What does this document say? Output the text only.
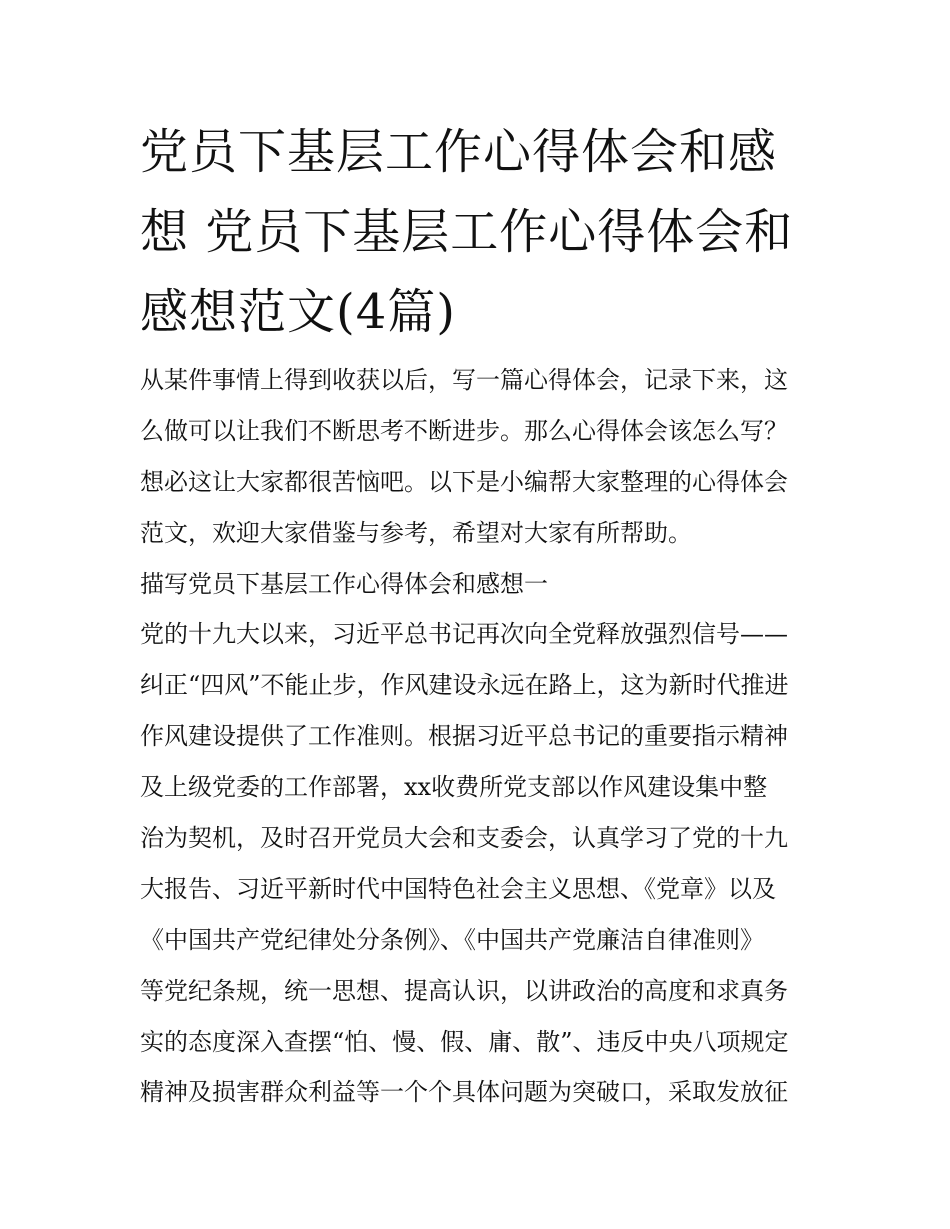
党员下基层工作心得体会和感
想 党员下基层工作心得体会和
感想范文(4篇)
从某件事情上得到收获以后，写一篇心得体会，记录下来，这
么做可以让我们不断思考不断进步。那么心得体会该怎么写？
想必这让大家都很苦恼吧。以下是小编帮大家整理的心得体会
范文，欢迎大家借鉴与参考，希望对大家有所帮助。
描写党员下基层工作心得体会和感想一
党的十九大以来，习近平总书记再次向全党释放强烈信号——
纠正“四风”不能止步，作风建设永远在路上，这为新时代推进
作风建设提供了工作准则。根据习近平总书记的重要指示精神
及上级党委的工作部署，xx收费所党支部以作风建设集中整
治为契机，及时召开党员大会和支委会，认真学习了党的十九
大报告、习近平新时代中国特色社会主义思想、《党章》以及
《中国共产党纪律处分条例》、《中国共产党廉洁自律准则》
等党纪条规，统一思想、提高认识，以讲政治的高度和求真务
实的态度深入查摆“怕、慢、假、庸、散”、违反中央八项规定
精神及损害群众利益等一个个具体问题为突破口，采取发放征
